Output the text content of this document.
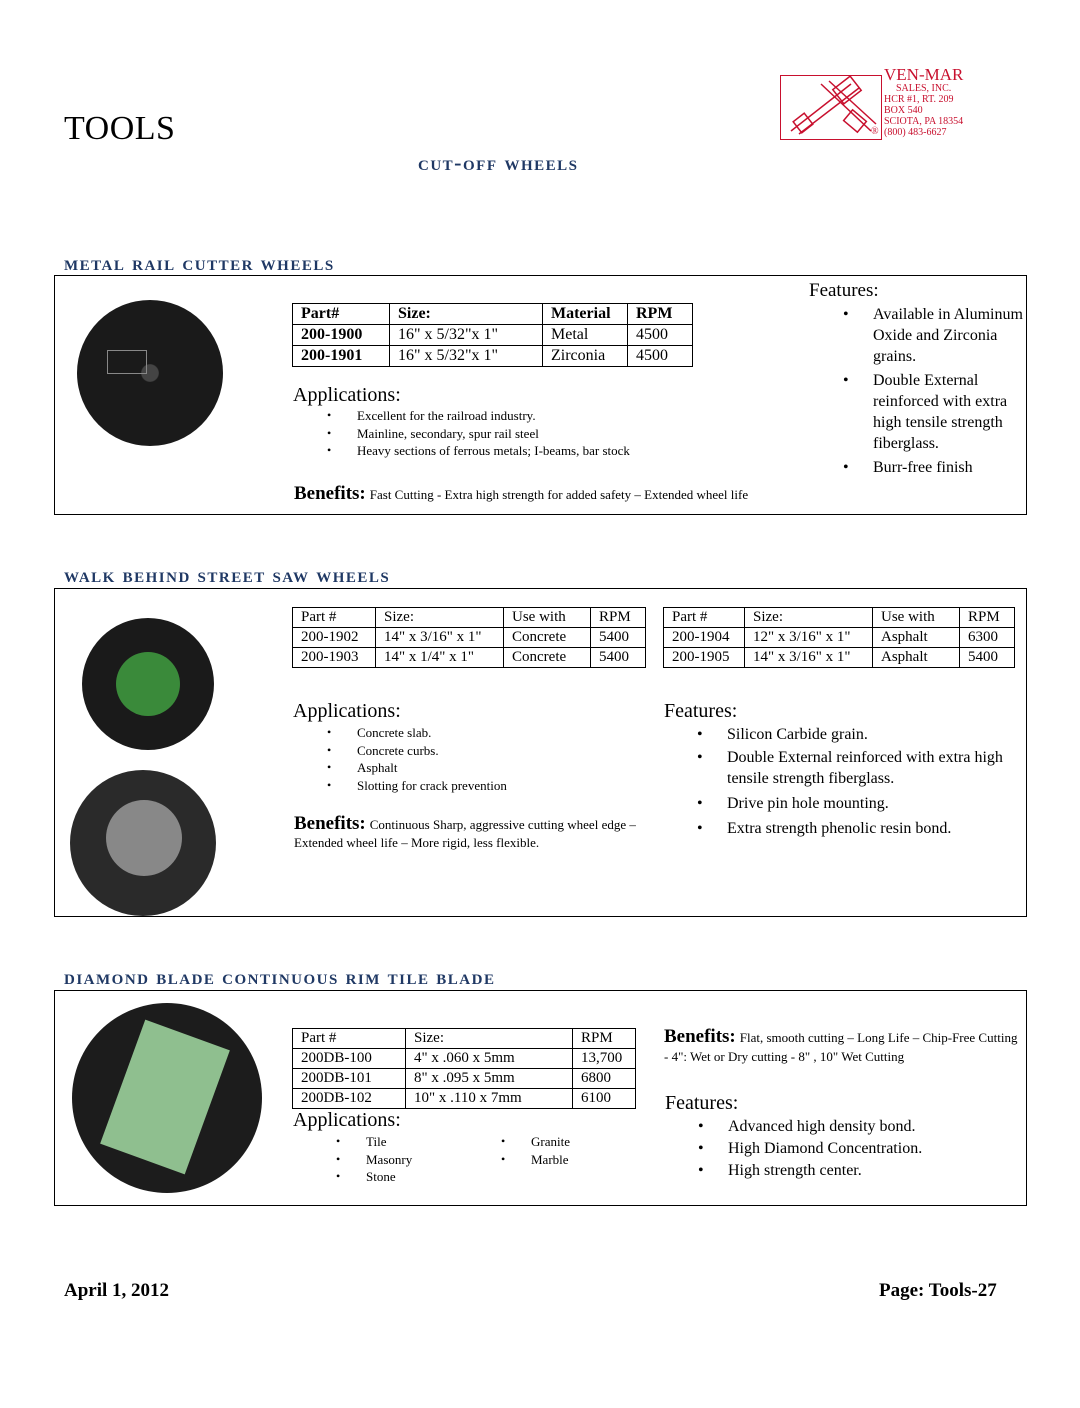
TOOLS
cut-off wheels
VEN-MAR
SALES, INC.
HCR #1, RT. 209
BOX 540
SCIOTA, PA 18354
(800) 483-6627
®
metal rail cutter wheels
Part#	Size:	Material	RPM
200-1900	16" x 5/32"x 1"	Metal	4500
200-1901	16" x 5/32"x 1"	Zirconia	4500
Applications:
• Excellent for the railroad industry.
• Mainline, secondary, spur rail steel
• Heavy sections of ferrous metals; I-beams, bar stock
Benefits: Fast Cutting - Extra high strength for added safety – Extended wheel life
Features:
• Available in Aluminum Oxide and Zirconia grains.
• Double External reinforced with extra high tensile strength fiberglass.
• Burr-free finish
walk behind street saw wheels
Part #	Size:	Use with	RPM
200-1902	14" x 3/16" x 1"	Concrete	5400
200-1903	14" x 1/4" x 1"	Concrete	5400
Part #	Size:	Use with	RPM
200-1904	12" x 3/16" x 1"	Asphalt	6300
200-1905	14" x 3/16" x 1"	Asphalt	5400
Applications:
• Concrete slab.
• Concrete curbs.
• Asphalt
• Slotting for crack prevention
Benefits: Continuous Sharp, aggressive cutting wheel edge – Extended wheel life – More rigid, less flexible.
Features:
• Silicon Carbide grain.
• Double External reinforced with extra high tensile strength fiberglass.
• Drive pin hole mounting.
• Extra strength phenolic resin bond.
diamond blade continuous rim tile blade
Part #	Size:	RPM
200DB-100	4" x .060 x 5mm	13,700
200DB-101	8" x .095 x 5mm	6800
200DB-102	10" x .110 x 7mm	6100
Applications:
• Tile
• Masonry
• Stone
• Granite
• Marble
Benefits: Flat, smooth cutting – Long Life – Chip-Free Cutting - 4": Wet or Dry cutting - 8" , 10" Wet Cutting
Features:
• Advanced high density bond.
• High Diamond Concentration.
• High strength center.
April 1, 2012	Page: Tools-27
